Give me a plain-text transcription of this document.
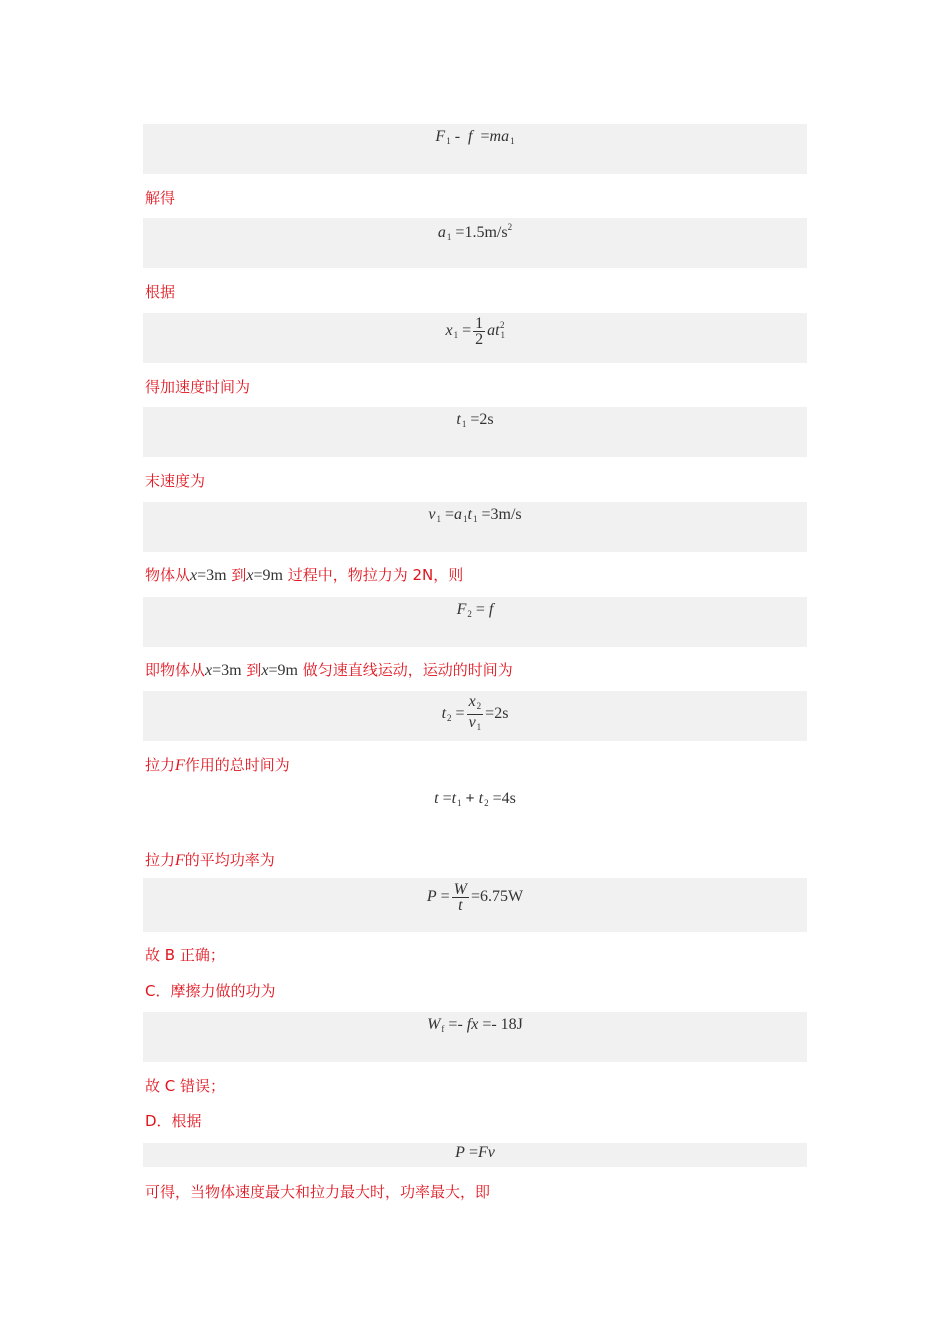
$F_1 - f =ma_1$
解得
$a_1 =1.5m/s^2$
根据
$x_1 = \frac{1}{2} at_1^2$
得加速度时间为
$t_1 =2s$
末速度为
$v_1 =a_1t_1 =3m/s$
物体从x=3m 到x=9m 过程中，物拉力为 2N，则
$F_2 = f$
即物体从x=3m 到x=9m 做匀速直线运动，运动的时间为
$t_2 = \frac{x_2}{v_1} =2s$
拉力F作用的总时间为
$t =t_1 + t_2 =4s$
拉力F的平均功率为
$P = \frac{W}{t} =6.75W$
故 B 正确；
C．摩擦力做的功为
$W_f$ =- fx =- 18J
故 C 错误；
D．根据
P =Fv
可得，当物体速度最大和拉力最大时，功率最大，即
